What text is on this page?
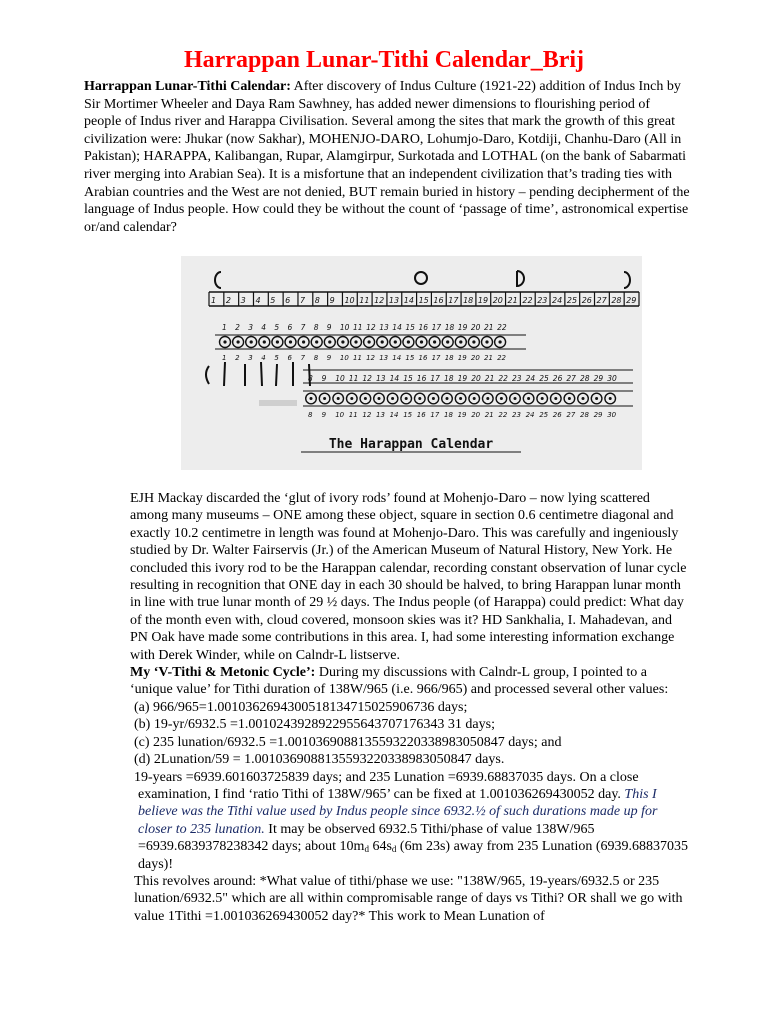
Harrappan Lunar-Tithi Calendar_Brij
Harrappan Lunar-Tithi Calendar: After discovery of Indus Culture (1921-22) addition of Indus Inch by Sir Mortimer Wheeler and Daya Ram Sawhney, has added newer dimensions to flourishing period of people of Indus river and Harappa Civilisation. Several among the sites that mark the growth of this great civilization were: Jhukar (now Sakhar), MOHENJO-DARO, Lohumjo-Daro, Kotdiji, Chanhu-Daro (All in Pakistan); HARAPPA, Kalibangan, Rupar, Alamgirpur, Surkotada and LOTHAL (on the bank of Sabarmati river merging into Arabian Sea). It is a misfortune that an independent civilization that’s trading ties with Arabian countries and the West are not denied, BUT remain buried in history – pending decipherment of the language of Indus people. How could they be without the count of ‘passage of time’, astronomical expertise or/and calendar?
1 2 3 4 5 6 7 8 9 10 11 12 13 14 15 16 17 18 19 20 21 22 23 24 25 26 27 28 29
1 2 3 4 5 6 7 8 9 10 11 12 13 14 15 16 17 18 19 20 21 22
1 2 3 4 5 6 7 8 9 10 11 12 13 14 15 16 17 18 19 20 21 22
8 9 10 11 12 13 14 15 16 17 18 19 20 21 22 23 24 25 26 27 28 29 30
8 9 10 11 12 13 14 15 16 17 18 19 20 21 22 23 24 25 26 27 28 29 30
The Harappan Calendar

EJH Mackay discarded the ‘glut of ivory rods’ found at Mohenjo-Daro – now lying scattered among many museums – ONE among these object, square in section 0.6 centimetre diagonal and exactly 10.2 centimetre in length was found at Mohenjo-Daro. This was carefully and ingeniously studied by Dr. Walter Fairservis (Jr.) of the American Museum of Natural History, New York. He concluded this ivory rod to be the Harappan calendar, recording constant observation of lunar cycle resulting in recognition that ONE day in each 30 should be halved, to bring Harappan lunar month in line with true lunar month of 29 ½ days. The Indus people (of Harappa) could predict: What day of the month even with, cloud covered, monsoon skies was it? HD Sankhalia, I. Mahadevan, and PN Oak have made some contributions in this area. I, had some interesting information exchange with Derek Winder, while on Calndr-L listserve.

My ‘V-Tithi & Metonic Cycle’: During my discussions with Calndr-L group, I pointed to a ‘unique value’ for Tithi duration of 138W/965 (i.e. 966/965) and processed several other values:

(a) 966/965=1.0010362694300518134715025906736 days;

(b) 19-yr/6932.5 =1.0010243928922955643707176343 31 days;

(c) 235 lunation/6932.5 =1.0010369088135593220338983050847 days; and

(d) 2Lunation/59 = 1.0010369088135593220338983050847 days.

19-years =6939.601603725839 days; and 235 Lunation =6939.68837035 days. On a close

examination, I find ‘ratio Tithi of 138W/965’ can be fixed at 1.001036269430052 day. This I believe was the Tithi value used by Indus people since 6932.½ of such durations made up for closer to 235 lunation. It may be observed 6932.5 Tithi/phase of value 138W/965 =6939.6839378238342 days; about $10m_d$ $64s_d$ (6m 23s) away from 235 Lunation (6939.68837035 days)!

This revolves around: *What value of tithi/phase we use: "138W/965, 19-years/6932.5 or 235 lunation/6932.5" which are all within compromisable range of days vs Tithi? OR shall we go with value 1Tithi =1.001036269430052 day?* This work to Mean Lunation of
